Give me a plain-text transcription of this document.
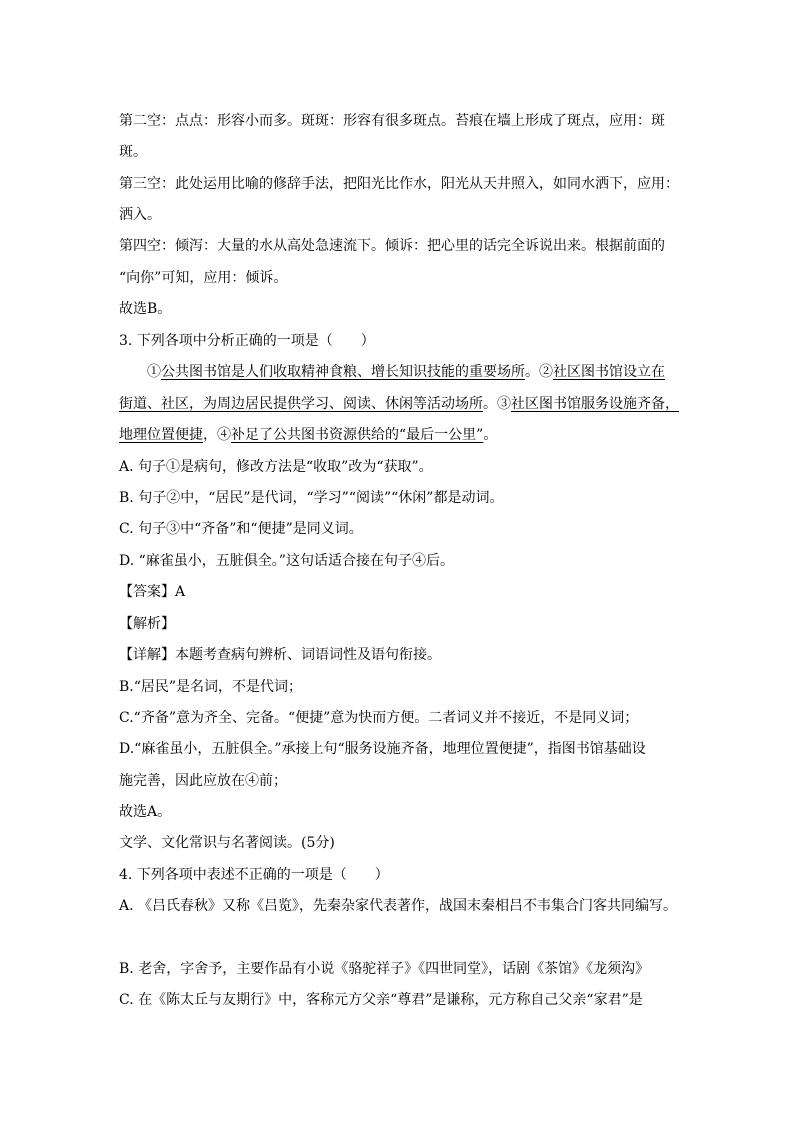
第二空：点点：形容小而多。斑斑：形容有很多斑点。苔痕在墙上形成了斑点，应用：斑
斑。
第三空：此处运用比喻的修辞手法，把阳光比作水，阳光从天井照入，如同水洒下，应用：
洒入。
第四空：倾泻：大量的水从高处急速流下。倾诉：把心里的话完全诉说出来。根据前面的
“向你”可知，应用：倾诉。
故选B。
3. 下列各项中分析正确的一项是（　　）
①公共图书馆是人们收取精神食粮、增长知识技能的重要场所。②社区图书馆设立在
街道、社区，为周边居民提供学习、阅读、休闲等活动场所。③社区图书馆服务设施齐备，
地理位置便捷，④补足了公共图书资源供给的“最后一公里”。
A. 句子①是病句，修改方法是“收取”改为“获取”。
B. 句子②中，“居民”是代词，“学习”“阅读”“休闲”都是动词。
C. 句子③中“齐备”和“便捷”是同义词。
D. “麻雀虽小，五脏俱全。”这句话适合接在句子④后。
【答案】A
【解析】
【详解】本题考查病句辨析、词语词性及语句衔接。
B.“居民”是名词，不是代词；
C.“齐备”意为齐全、完备。“便捷”意为快而方便。二者词义并不接近，不是同义词；
D.“麻雀虽小，五脏俱全。”承接上句“服务设施齐备，地理位置便捷”，指图书馆基础设
施完善，因此应放在④前；
故选A。
文学、文化常识与名著阅读。(5分)
4. 下列各项中表述不正确的一项是（　　）
A. 《吕氏春秋》又称《吕览》，先秦杂家代表著作，战国末秦相吕不韦集合门客共同编写。
B. 老舍，字舍予，主要作品有小说《骆驼祥子》《四世同堂》，话剧《茶馆》《龙须沟》
C. 在《陈太丘与友期行》中，客称元方父亲“尊君”是谦称，元方称自己父亲“家君”是
